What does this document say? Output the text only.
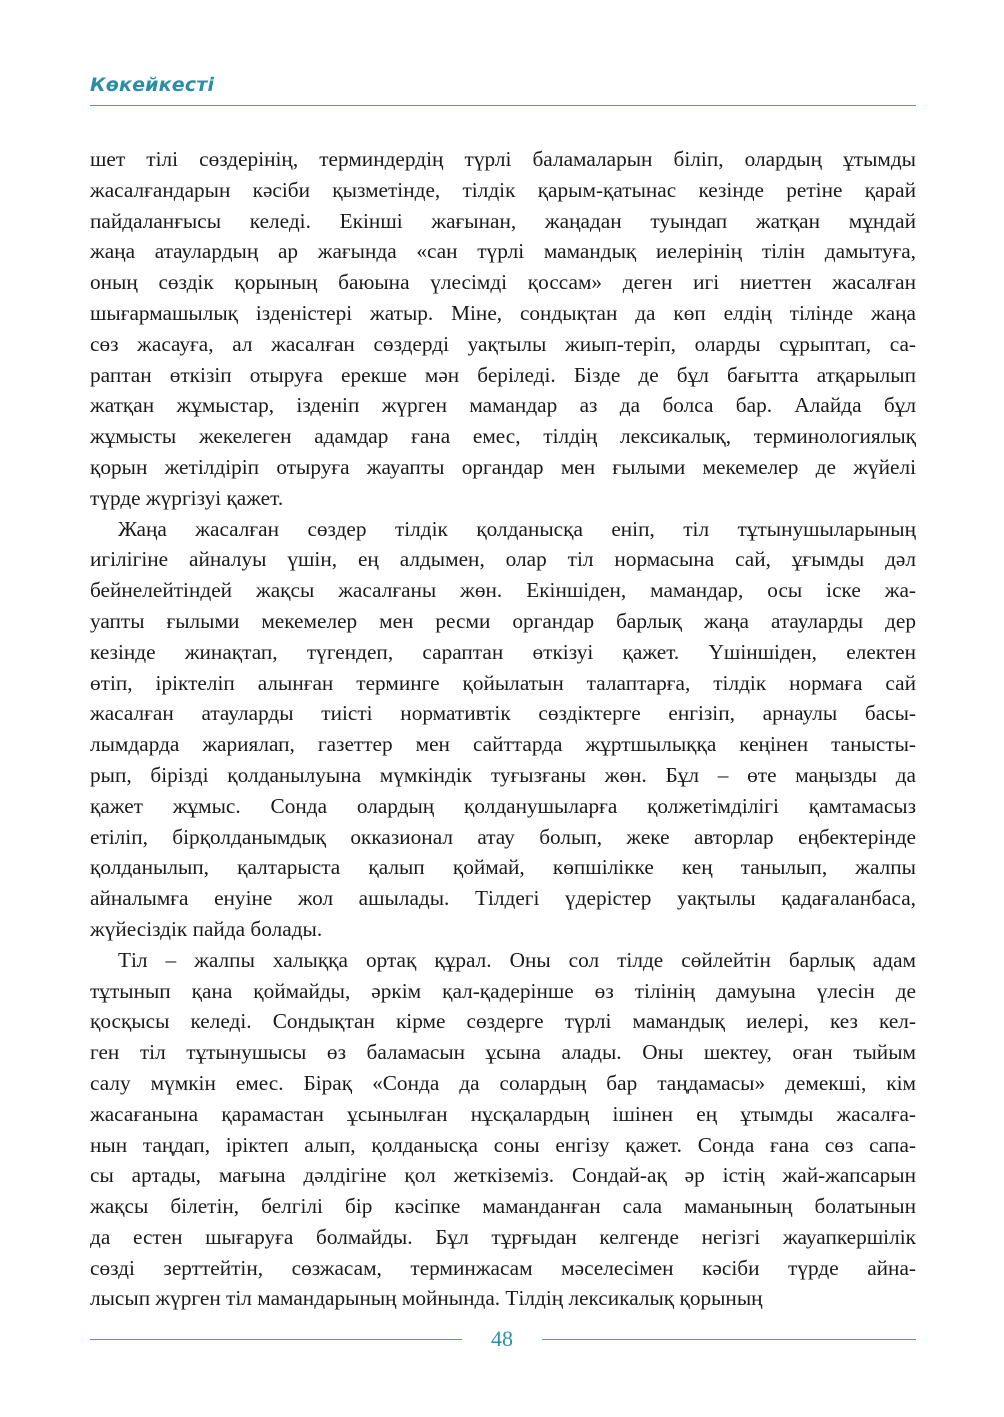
Көкейкесті
шет тілі сөздерінің, терминдердің түрлі баламаларын біліп, олардың ұтымды
жасалғандарын кәсіби қызметінде, тілдік қарым-қатынас кезінде ретіне қарай
пайдаланғысы келеді. Екінші жағынан, жаңадан туындап жатқан мұндай
жаңа атаулардың ар жағында «сан түрлі мамандық иелерінің тілін дамытуға,
оның сөздік қорының баюына үлесімді қоссам» деген игі ниеттен жасалған
шығармашылық ізденістері жатыр. Міне, сондықтан да көп елдің тілінде жаңа
сөз жасауға, ал жасалған сөздерді уақтылы жиып-теріп, оларды сұрыптап, са-
раптан өткізіп отыруға ерекше мән беріледі. Бізде де бұл бағытта атқарылып
жатқан жұмыстар, ізденіп жүрген мамандар аз да болса бар. Алайда бұл
жұмысты жекелеген адамдар ғана емес, тілдің лексикалық, терминологиялық
қорын жетілдіріп отыруға жауапты органдар мен ғылыми мекемелер де жүйелі
түрде жүргізуі қажет.
Жаңа жасалған сөздер тілдік қолданысқа еніп, тіл тұтынушыларының
игілігіне айналуы үшін, ең алдымен, олар тіл нормасына сай, ұғымды дәл
бейнелейтіндей жақсы жасалғаны жөн. Екіншіден, мамандар, осы іске жа-
уапты ғылыми мекемелер мен ресми органдар барлық жаңа атауларды дер
кезінде жинақтап, түгендеп, сараптан өткізуі қажет. Үшіншіден, електен
өтіп, іріктеліп алынған терминге қойылатын талаптарға, тілдік нормаға сай
жасалған атауларды тиісті нормативтік сөздіктерге енгізіп, арнаулы басы-
лымдарда жариялап, газеттер мен сайттарда жұртшылыққа кеңінен танысты-
рып, бірізді қолданылуына мүмкіндік туғызғаны жөн. Бұл – өте маңызды да
қажет жұмыс. Сонда олардың қолданушыларға қолжетімділігі қамтамасыз
етіліп, бірқолданымдық окказионал атау болып, жеке авторлар еңбектерінде
қолданылып, қалтарыста қалып қоймай, көпшілікке кең танылып, жалпы
айналымға енуіне жол ашылады. Тілдегі үдерістер уақтылы қадағаланбаса,
жүйесіздік пайда болады.
Тіл – жалпы халыққа ортақ құрал. Оны сол тілде сөйлейтін барлық адам
тұтынып қана қоймайды, әркім қал-қадерінше өз тілінің дамуына үлесін де
қосқысы келеді. Сондықтан кірме сөздерге түрлі мамандық иелері, кез кел-
ген тіл тұтынушысы өз баламасын ұсына алады. Оны шектеу, оған тыйым
салу мүмкін емес. Бірақ «Сонда да солардың бар таңдамасы» демекші, кім
жасағанына қарамастан ұсынылған нұсқалардың ішінен ең ұтымды жасалға-
нын таңдап, іріктеп алып, қолданысқа соны енгізу қажет. Сонда ғана сөз сапа-
сы артады, мағына дәлдігіне қол жеткіземіз. Сондай-ақ әр істің жай-жапсарын
жақсы білетін, белгілі бір кәсіпке маманданған сала маманының болатынын
да естен шығаруға болмайды. Бұл тұрғыдан келгенде негізгі жауапкершілік
сөзді зерттейтін, сөзжасам, терминжасам мәселесімен кәсіби түрде айна-
лысып жүрген тіл мамандарының мойнында. Тілдің лексикалық қорының
48
